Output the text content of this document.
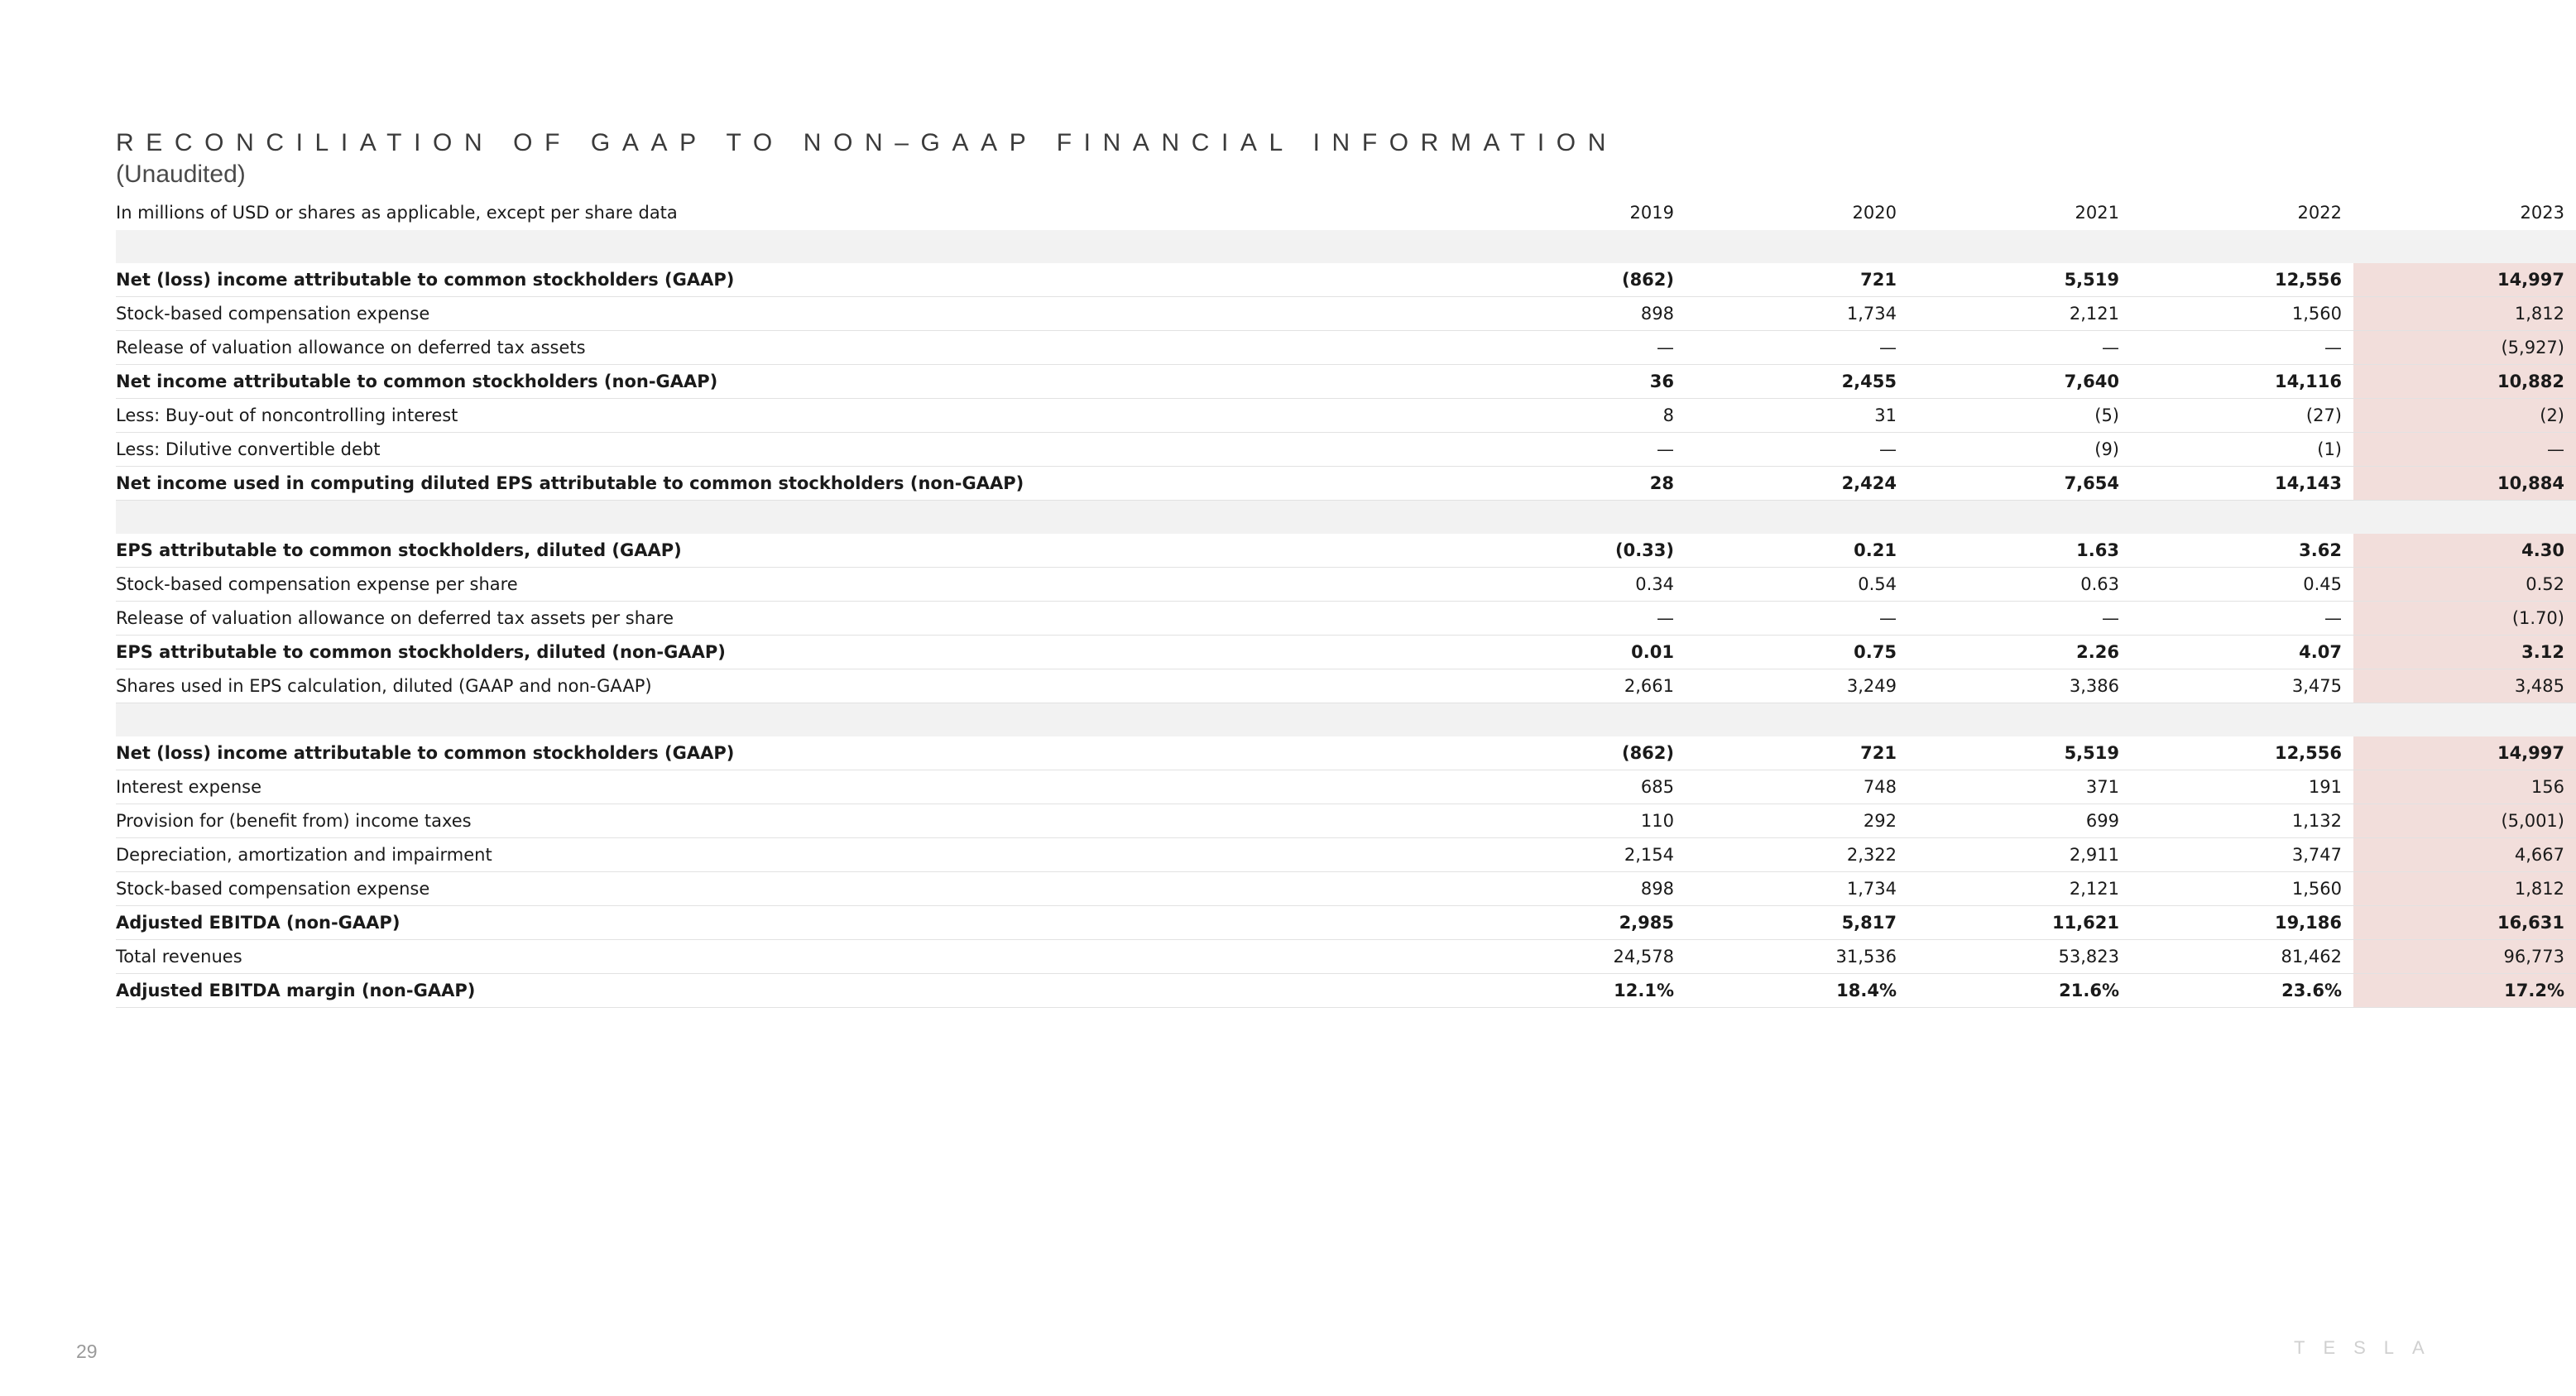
RECONCILIATION OF GAAP TO NON–GAAP FINANCIAL INFORMATION
(Unaudited)
In millions of USD or shares as applicable, except per share data	2019	2020	2021	2022	2023

Net (loss) income attributable to common stockholders (GAAP)	(862)	721	5,519	12,556	14,997
Stock-based compensation expense	898	1,734	2,121	1,560	1,812
Release of valuation allowance on deferred tax assets	—	—	—	—	(5,927)
Net income attributable to common stockholders (non-GAAP)	36	2,455	7,640	14,116	10,882
Less: Buy-out of noncontrolling interest	8	31	(5)	(27)	(2)
Less: Dilutive convertible debt	—	—	(9)	(1)	—
Net income used in computing diluted EPS attributable to common stockholders (non-GAAP)	28	2,424	7,654	14,143	10,884

EPS attributable to common stockholders, diluted (GAAP)	(0.33)	0.21	1.63	3.62	4.30
Stock-based compensation expense per share	0.34	0.54	0.63	0.45	0.52
Release of valuation allowance on deferred tax assets per share	—	—	—	—	(1.70)
EPS attributable to common stockholders, diluted (non-GAAP)	0.01	0.75	2.26	4.07	3.12
Shares used in EPS calculation, diluted (GAAP and non-GAAP)	2,661	3,249	3,386	3,475	3,485

Net (loss) income attributable to common stockholders (GAAP)	(862)	721	5,519	12,556	14,997
Interest expense	685	748	371	191	156
Provision for (benefit from) income taxes	110	292	699	1,132	(5,001)
Depreciation, amortization and impairment	2,154	2,322	2,911	3,747	4,667
Stock-based compensation expense	898	1,734	2,121	1,560	1,812
Adjusted EBITDA (non-GAAP)	2,985	5,817	11,621	19,186	16,631
Total revenues	24,578	31,536	53,823	81,462	96,773
Adjusted EBITDA margin (non-GAAP)	12.1%	18.4%	21.6%	23.6%	17.2%
29	TESLA
